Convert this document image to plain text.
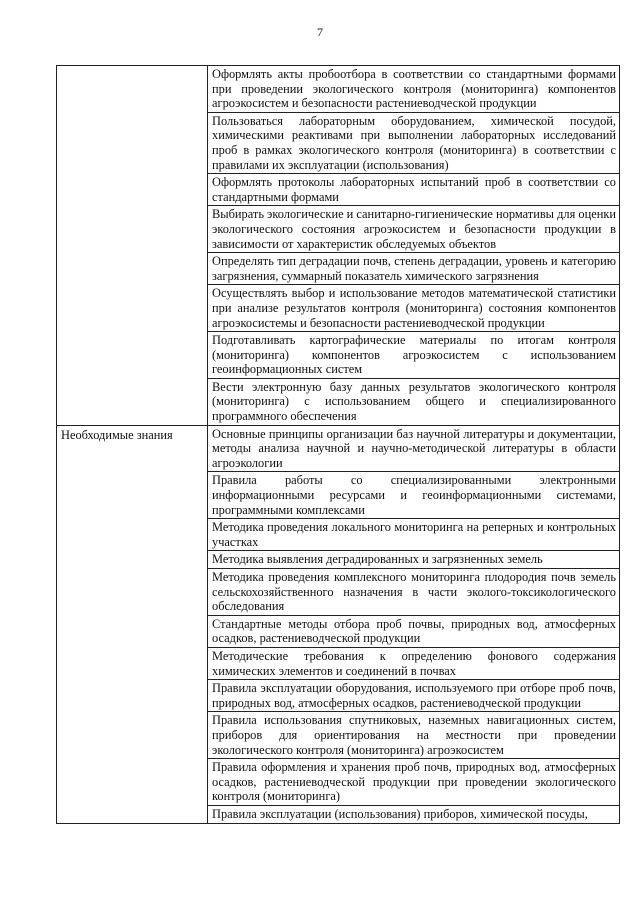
7
	Оформлять акты пробоотбора в соответствии со стандартными формами при проведении экологического контроля (мониторинга) компонентов агроэкосистем и безопасности растениеводческой продукции
	Пользоваться лабораторным оборудованием, химической посудой, химическими реактивами при выполнении лабораторных исследований проб в рамках экологического контроля (мониторинга) в соответствии с правилами их эксплуатации (использования)
	Оформлять протоколы лабораторных испытаний проб в соответствии со стандартными формами
	Выбирать экологические и санитарно-гигиенические нормативы для оценки экологического состояния агроэкосистем и безопасности продукции в зависимости от характеристик обследуемых объектов
	Определять тип деградации почв, степень деградации, уровень и категорию загрязнения, суммарный показатель химического загрязнения
	Осуществлять выбор и использование методов математической статистики при анализе результатов контроля (мониторинга) состояния компонентов агроэкосистемы и безопасности растениеводческой продукции
	Подготавливать картографические материалы по итогам контроля (мониторинга) компонентов агроэкосистем с использованием геоинформационных систем
	Вести электронную базу данных результатов экологического контроля (мониторинга) с использованием общего и специализированного программного обеспечения

Необходимые знания	Основные принципы организации баз научной литературы и документации, методы анализа научной и научно-методической литературы в области агроэкологии
	Правила работы со специализированными электронными информационными ресурсами и геоинформационными системами, программными комплексами
	Методика проведения локального мониторинга на реперных и контрольных участках
	Методика выявления деградированных и загрязненных земель
	Методика проведения комплексного мониторинга плодородия почв земель сельскохозяйственного назначения в части эколого-токсикологического обследования
	Стандартные методы отбора проб почвы, природных вод, атмосферных осадков, растениеводческой продукции
	Методические требования к определению фонового содержания химических элементов и соединений в почвах
	Правила эксплуатации оборудования, используемого при отборе проб почв, природных вод, атмосферных осадков, растениеводческой продукции
	Правила использования спутниковых, наземных навигационных систем, приборов для ориентирования на местности при проведении экологического контроля (мониторинга) агроэкосистем
	Правила оформления и хранения проб почв, природных вод, атмосферных осадков, растениеводческой продукции при проведении экологического контроля (мониторинга)
	Правила эксплуатации (использования) приборов, химической посуды,
